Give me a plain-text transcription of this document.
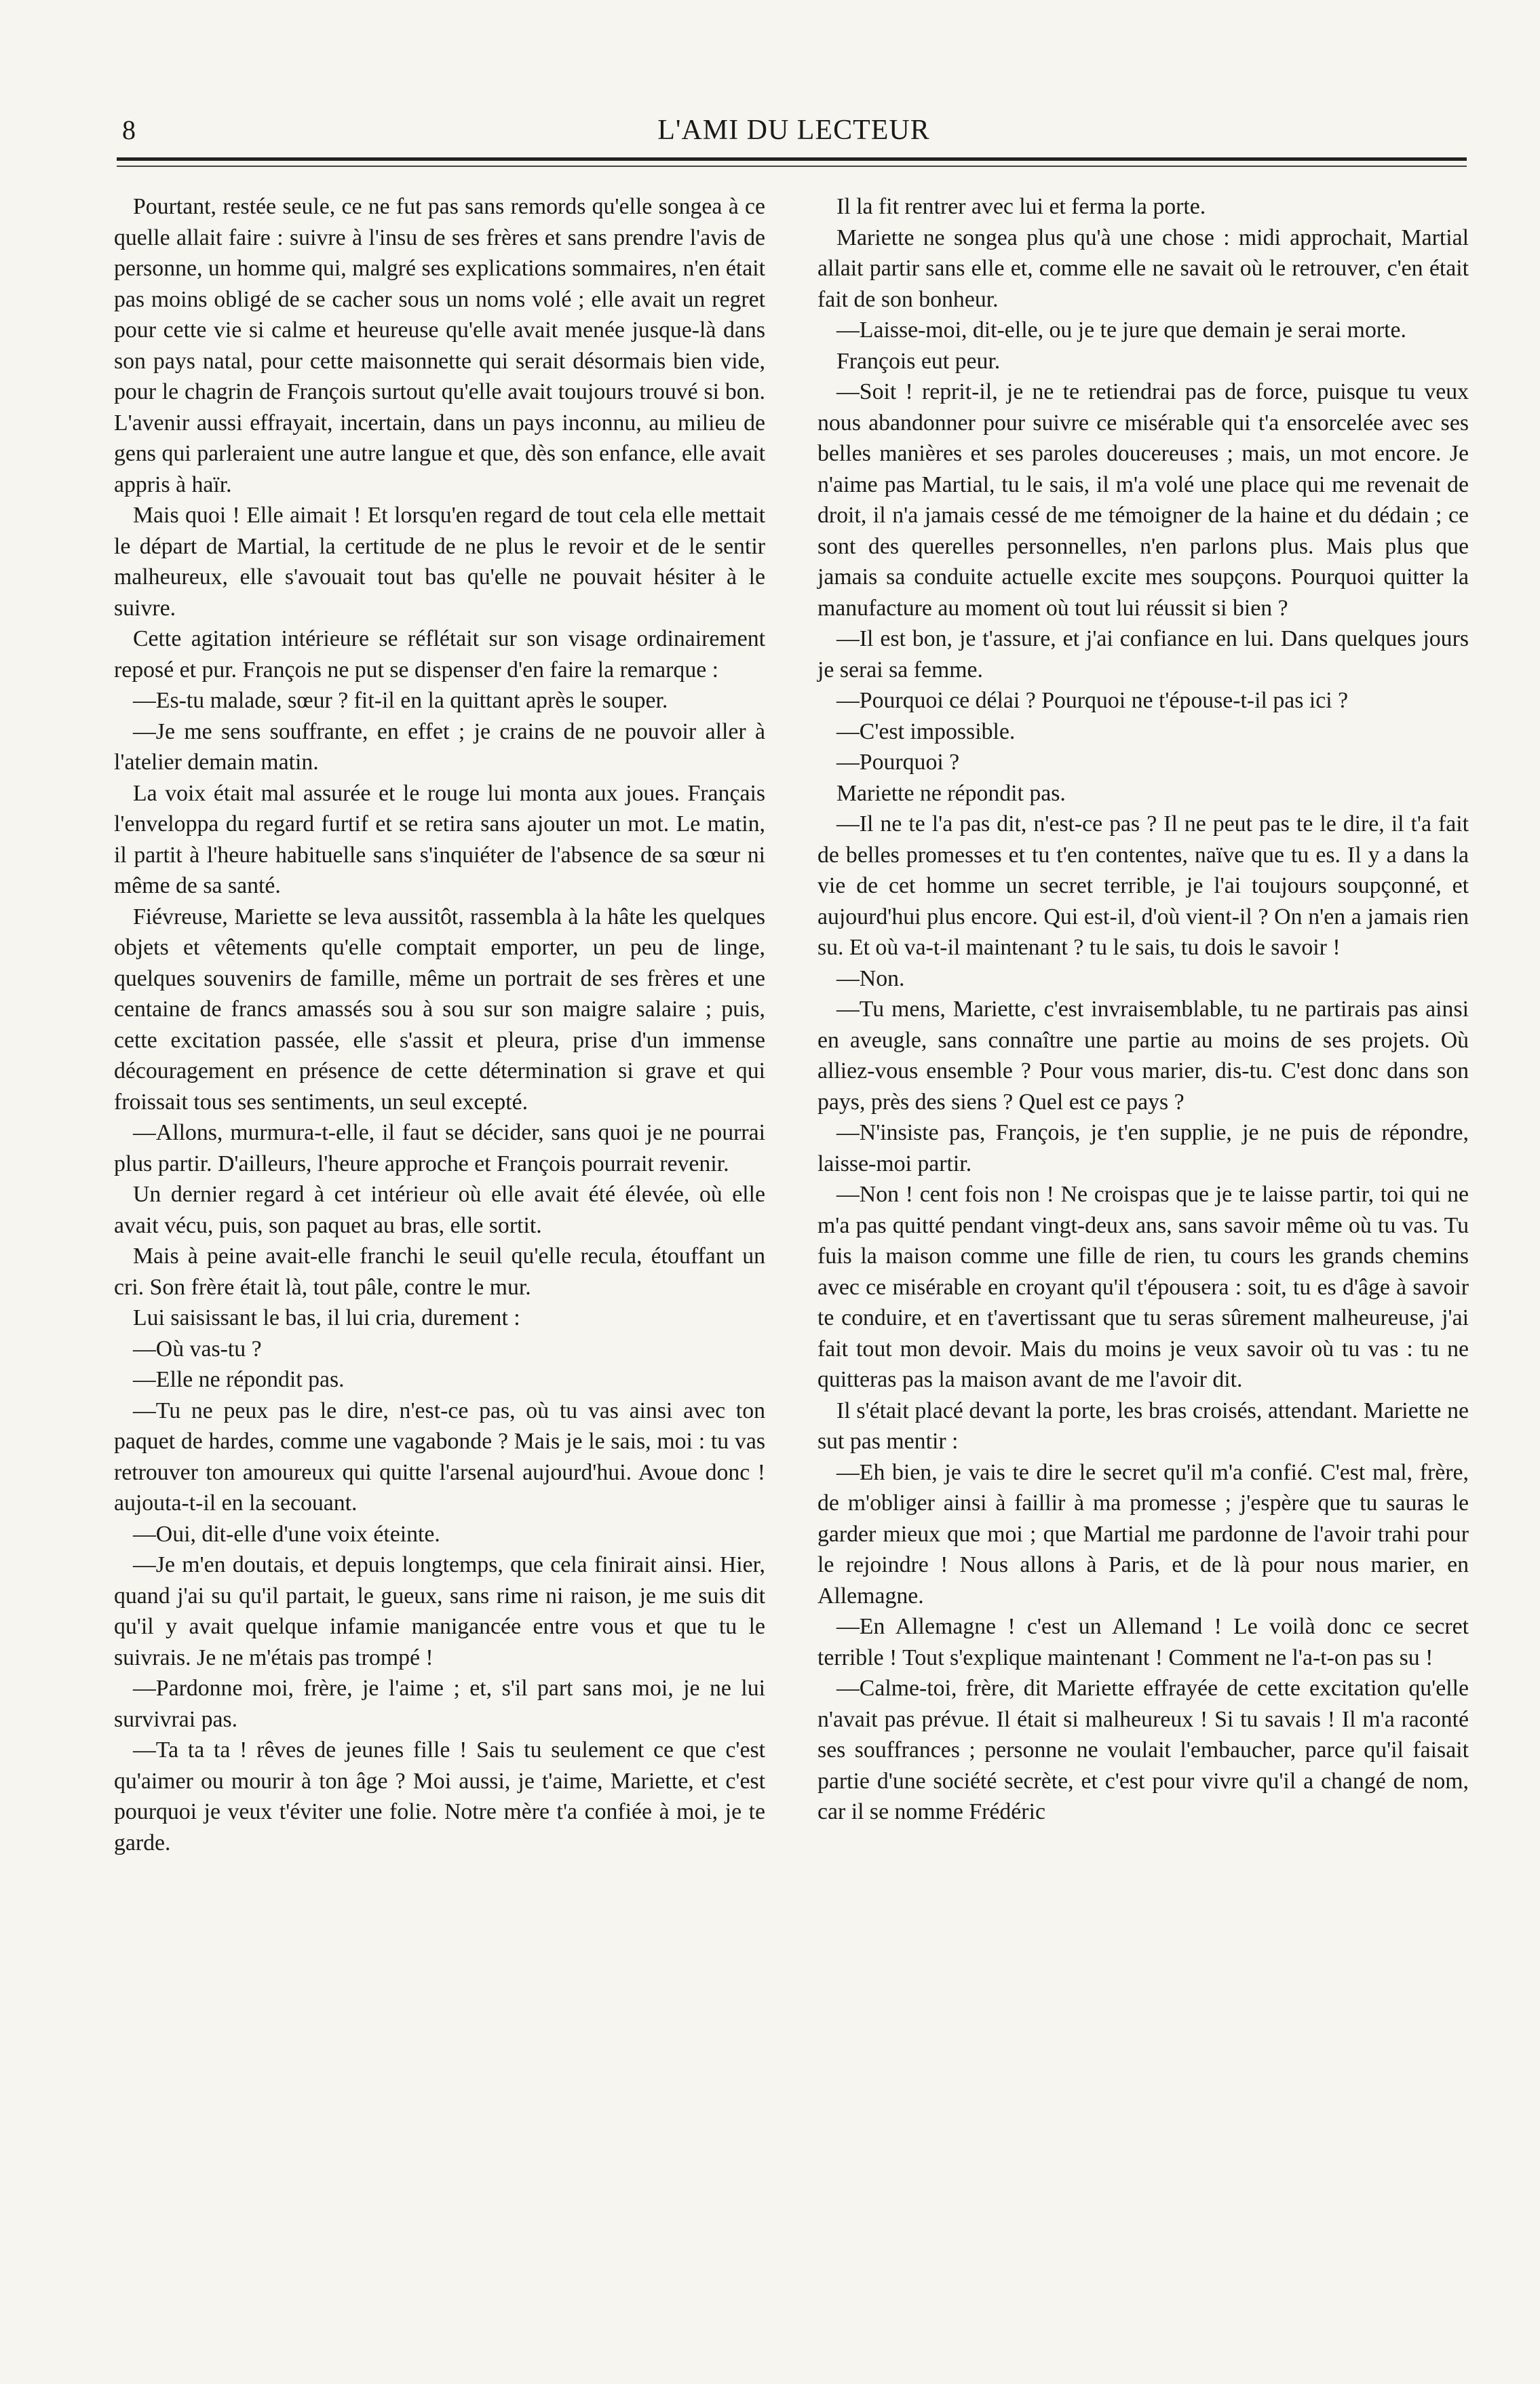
8	L'AMI DU LECTEUR

Pourtant, restée seule, ce ne fut pas sans remords qu'elle songea à ce quelle allait faire : suivre à l'insu de ses frères et sans prendre l'avis de personne, un homme qui, malgré ses explications sommaires, n'en était pas moins obligé de se cacher sous un noms volé ; elle avait un regret pour cette vie si calme et heureuse qu'elle avait menée jusque-là dans son pays natal, pour cette maisonnette qui serait désormais bien vide, pour le chagrin de François surtout qu'elle avait toujours trouvé si bon. L'avenir aussi effrayait, incertain, dans un pays inconnu, au milieu de gens qui parleraient une autre langue et que, dès son enfance, elle avait appris à haïr.

Mais quoi ! Elle aimait ! Et lorsqu'en regard de tout cela elle mettait le départ de Martial, la certitude de ne plus le revoir et de le sentir malheureux, elle s'avouait tout bas qu'elle ne pouvait hésiter à le suivre.

Cette agitation intérieure se réflétait sur son visage ordinairement reposé et pur. François ne put se dispenser d'en faire la remarque :

—Es-tu malade, sœur ? fit-il en la quittant après le souper.

—Je me sens souffrante, en effet ; je crains de ne pouvoir aller à l'atelier demain matin.

La voix était mal assurée et le rouge lui monta aux joues. Français l'enveloppa du regard furtif et se retira sans ajouter un mot. Le matin, il partit à l'heure habituelle sans s'inquiéter de l'absence de sa sœur ni même de sa santé.

Fiévreuse, Mariette se leva aussitôt, rassembla à la hâte les quelques objets et vêtements qu'elle comptait emporter, un peu de linge, quelques souvenirs de famille, même un portrait de ses frères et une centaine de francs amassés sou à sou sur son maigre salaire ; puis, cette excitation passée, elle s'assit et pleura, prise d'un immense découragement en présence de cette détermination si grave et qui froissait tous ses sentiments, un seul excepté.

—Allons, murmura-t-elle, il faut se décider, sans quoi je ne pourrai plus partir. D'ailleurs, l'heure approche et François pourrait revenir.

Un dernier regard à cet intérieur où elle avait été élevée, où elle avait vécu, puis, son paquet au bras, elle sortit.

Mais à peine avait-elle franchi le seuil qu'elle recula, étouffant un cri. Son frère était là, tout pâle, contre le mur.

Lui saisissant le bas, il lui cria, durement :

—Où vas-tu ?

—Elle ne répondit pas.

—Tu ne peux pas le dire, n'est-ce pas, où tu vas ainsi avec ton paquet de hardes, comme une vagabonde ? Mais je le sais, moi : tu vas retrouver ton amoureux qui quitte l'arsenal aujourd'hui. Avoue donc ! aujouta-t-il en la secouant.

—Oui, dit-elle d'une voix éteinte.

—Je m'en doutais, et depuis longtemps, que cela finirait ainsi. Hier, quand j'ai su qu'il partait, le gueux, sans rime ni raison, je me suis dit qu'il y avait quelque infamie manigancée entre vous et que tu le suivrais. Je ne m'étais pas trompé !

—Pardonne moi, frère, je l'aime ; et, s'il part sans moi, je ne lui survivrai pas.

—Ta ta ta ! rêves de jeunes fille ! Sais tu seulement ce que c'est qu'aimer ou mourir à ton âge ? Moi aussi, je t'aime, Mariette, et c'est pourquoi je veux t'éviter une folie. Notre mère t'a confiée à moi, je te garde.

Il la fit rentrer avec lui et ferma la porte.

Mariette ne songea plus qu'à une chose : midi approchait, Martial allait partir sans elle et, comme elle ne savait où le retrouver, c'en était fait de son bonheur.

—Laisse-moi, dit-elle, ou je te jure que demain je serai morte.

François eut peur.

—Soit ! reprit-il, je ne te retiendrai pas de force, puisque tu veux nous abandonner pour suivre ce misérable qui t'a ensorcelée avec ses belles manières et ses paroles doucereuses ; mais, un mot encore. Je n'aime pas Martial, tu le sais, il m'a volé une place qui me revenait de droit, il n'a jamais cessé de me témoigner de la haine et du dédain ; ce sont des querelles personnelles, n'en parlons plus. Mais plus que jamais sa conduite actuelle excite mes soupçons. Pourquoi quitter la manufacture au moment où tout lui réussit si bien ?

—Il est bon, je t'assure, et j'ai confiance en lui. Dans quelques jours je serai sa femme.

—Pourquoi ce délai ? Pourquoi ne t'épouse-t-il pas ici ?

—C'est impossible.

—Pourquoi ?

Mariette ne répondit pas.

—Il ne te l'a pas dit, n'est-ce pas ? Il ne peut pas te le dire, il t'a fait de belles promesses et tu t'en contentes, naïve que tu es. Il y a dans la vie de cet homme un secret terrible, je l'ai toujours soupçonné, et aujourd'hui plus encore. Qui est-il, d'où vient-il ? On n'en a jamais rien su. Et où va-t-il maintenant ? tu le sais, tu dois le savoir !

—Non.

—Tu mens, Mariette, c'est invraisemblable, tu ne partirais pas ainsi en aveugle, sans connaître une partie au moins de ses projets. Où alliez-vous ensemble ? Pour vous marier, dis-tu. C'est donc dans son pays, près des siens ? Quel est ce pays ?

—N'insiste pas, François, je t'en supplie, je ne puis de répondre, laisse-moi partir.

—Non ! cent fois non ! Ne croispas que je te laisse partir, toi qui ne m'a pas quitté pendant vingt-deux ans, sans savoir même où tu vas. Tu fuis la maison comme une fille de rien, tu cours les grands chemins avec ce misérable en croyant qu'il t'épousera : soit, tu es d'âge à savoir te conduire, et en t'avertissant que tu seras sûrement malheureuse, j'ai fait tout mon devoir. Mais du moins je veux savoir où tu vas : tu ne quitteras pas la maison avant de me l'avoir dit.

Il s'était placé devant la porte, les bras croisés, attendant. Mariette ne sut pas mentir :

—Eh bien, je vais te dire le secret qu'il m'a confié. C'est mal, frère, de m'obliger ainsi à faillir à ma promesse ; j'espère que tu sauras le garder mieux que moi ; que Martial me pardonne de l'avoir trahi pour le rejoindre ! Nous allons à Paris, et de là pour nous marier, en Allemagne.

—En Allemagne ! c'est un Allemand ! Le voilà donc ce secret terrible ! Tout s'explique maintenant ! Comment ne l'a-t-on pas su !

—Calme-toi, frère, dit Mariette effrayée de cette excitation qu'elle n'avait pas prévue. Il était si malheureux ! Si tu savais ! Il m'a raconté ses souffrances ; personne ne voulait l'embaucher, parce qu'il faisait partie d'une société secrète, et c'est pour vivre qu'il a changé de nom, car il se nomme Frédéric
